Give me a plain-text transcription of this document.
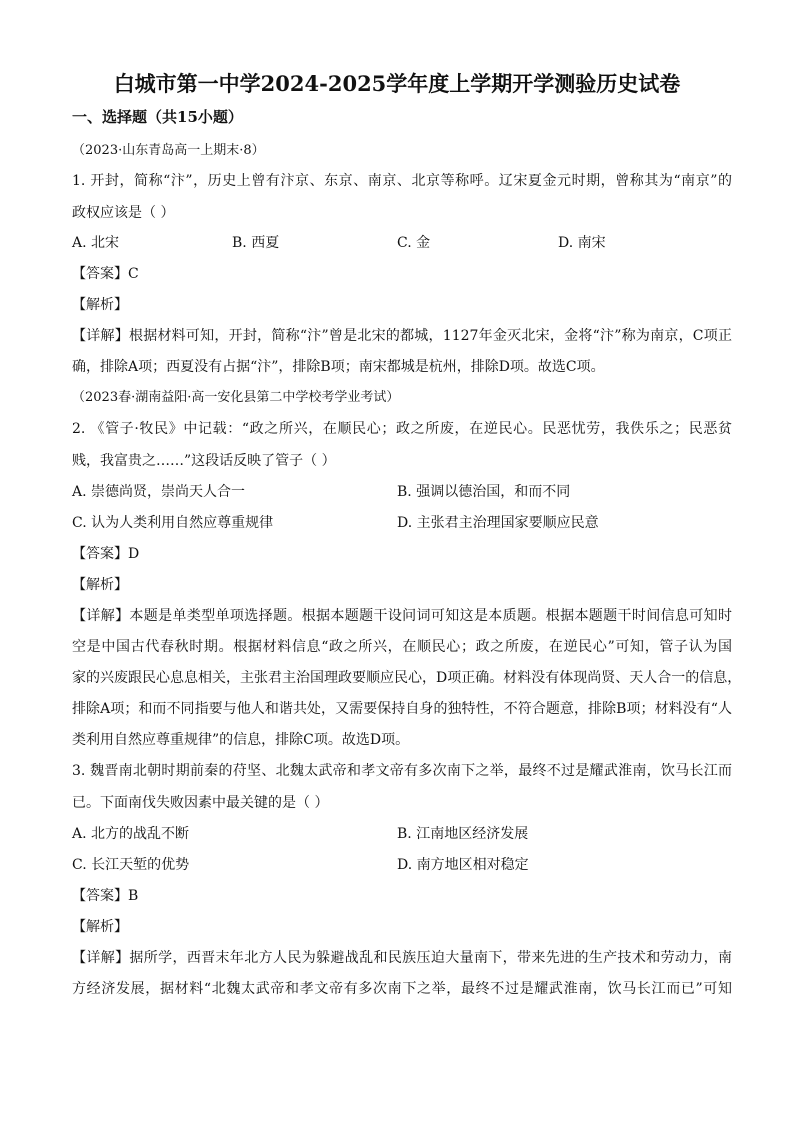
白城市第一中学2024-2025学年度上学期开学测验历史试卷
一、选择题（共15小题）
（2023·山东青岛高一上期末·8）
1. 开封，简称“汴”，历史上曾有汴京、东京、南京、北京等称呼。辽宋夏金元时期，曾称其为“南京”的
政权应该是（ ）
A. 北宋	B. 西夏	C. 金	D. 南宋
【答案】C
【解析】
【详解】根据材料可知，开封，简称“汴”曾是北宋的都城，1127年金灭北宋，金将“汴”称为南京，C项正
确，排除A项；西夏没有占据“汴”，排除B项；南宋都城是杭州，排除D项。故选C项。
（2023春·湖南益阳·高一安化县第二中学校考学业考试）
2. 《管子·牧民》中记载：“政之所兴，在顺民心；政之所废，在逆民心。民恶忧劳，我佚乐之；民恶贫
贱，我富贵之……”这段话反映了管子（ ）
A. 崇德尚贤，崇尚天人合一	B. 强调以德治国，和而不同
C. 认为人类利用自然应尊重规律	D. 主张君主治理国家要顺应民意
【答案】D
【解析】
【详解】本题是单类型单项选择题。根据本题题干设问词可知这是本质题。根据本题题干时间信息可知时
空是中国古代春秋时期。根据材料信息“政之所兴，在顺民心；政之所废，在逆民心”可知，管子认为国
家的兴废跟民心息息相关，主张君主治国理政要顺应民心，D项正确。材料没有体现尚贤、天人合一的信息，
排除A项；和而不同指要与他人和谐共处，又需要保持自身的独特性，不符合题意，排除B项；材料没有“人
类利用自然应尊重规律”的信息，排除C项。故选D项。
3. 魏晋南北朝时期前秦的苻坚、北魏太武帝和孝文帝有多次南下之举，最终不过是耀武淮南，饮马长江而
已。下面南伐失败因素中最关键的是（ ）
A. 北方的战乱不断	B. 江南地区经济发展
C. 长江天堑的优势	D. 南方地区相对稳定
【答案】B
【解析】
【详解】据所学，西晋末年北方人民为躲避战乱和民族压迫大量南下，带来先进的生产技术和劳动力，南
方经济发展，据材料“北魏太武帝和孝文帝有多次南下之举，最终不过是耀武淮南，饮马长江而已”可知
